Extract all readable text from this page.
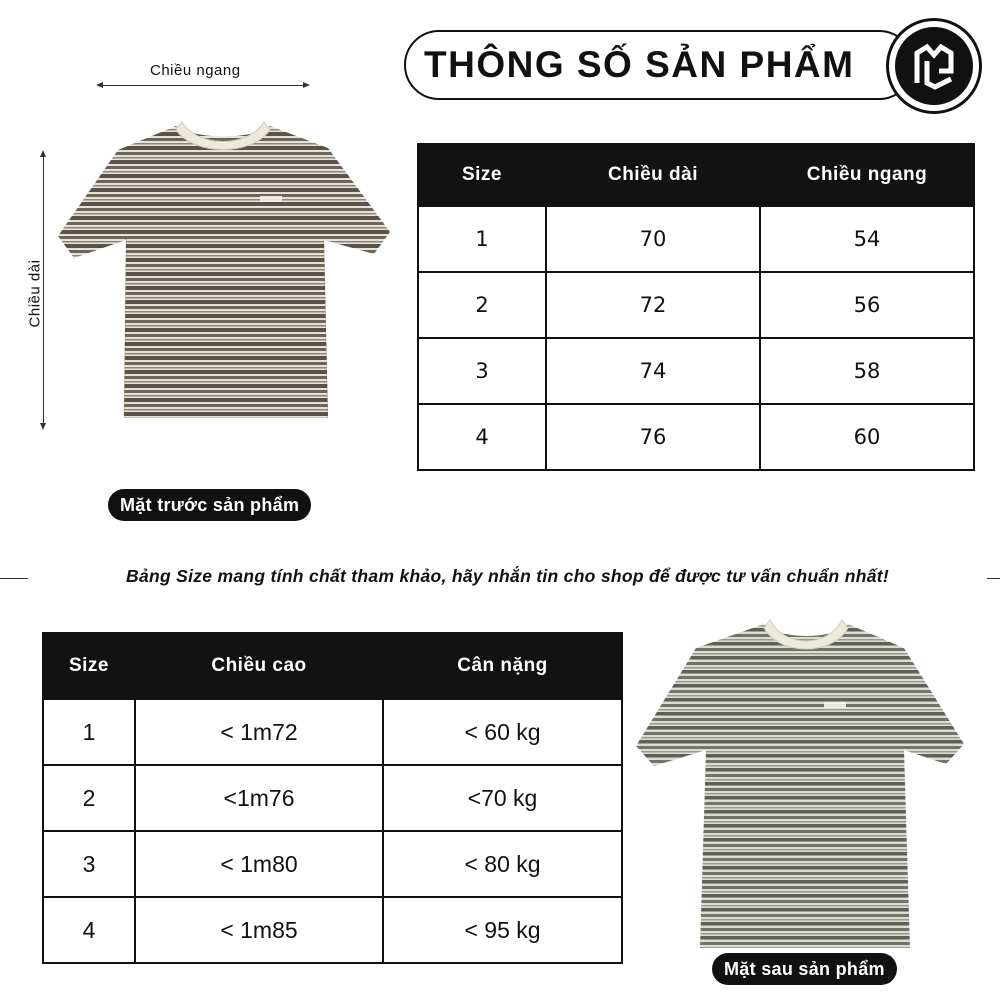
THÔNG SỐ SẢN PHẨM
Chiều ngang
Chiều dài
Size	Chiều dài	Chiều ngang
1	70	54
2	72	56
3	74	58
4	76	60
Mặt trước sản phẩm
Bảng Size mang tính chất tham khảo, hãy nhắn tin cho shop để được tư vấn chuẩn nhất!
Size	Chiều cao	Cân nặng
1	< 1m72	< 60 kg
2	<1m76	<70 kg
3	< 1m80	< 80 kg
4	< 1m85	< 95 kg
Mặt sau sản phẩm
